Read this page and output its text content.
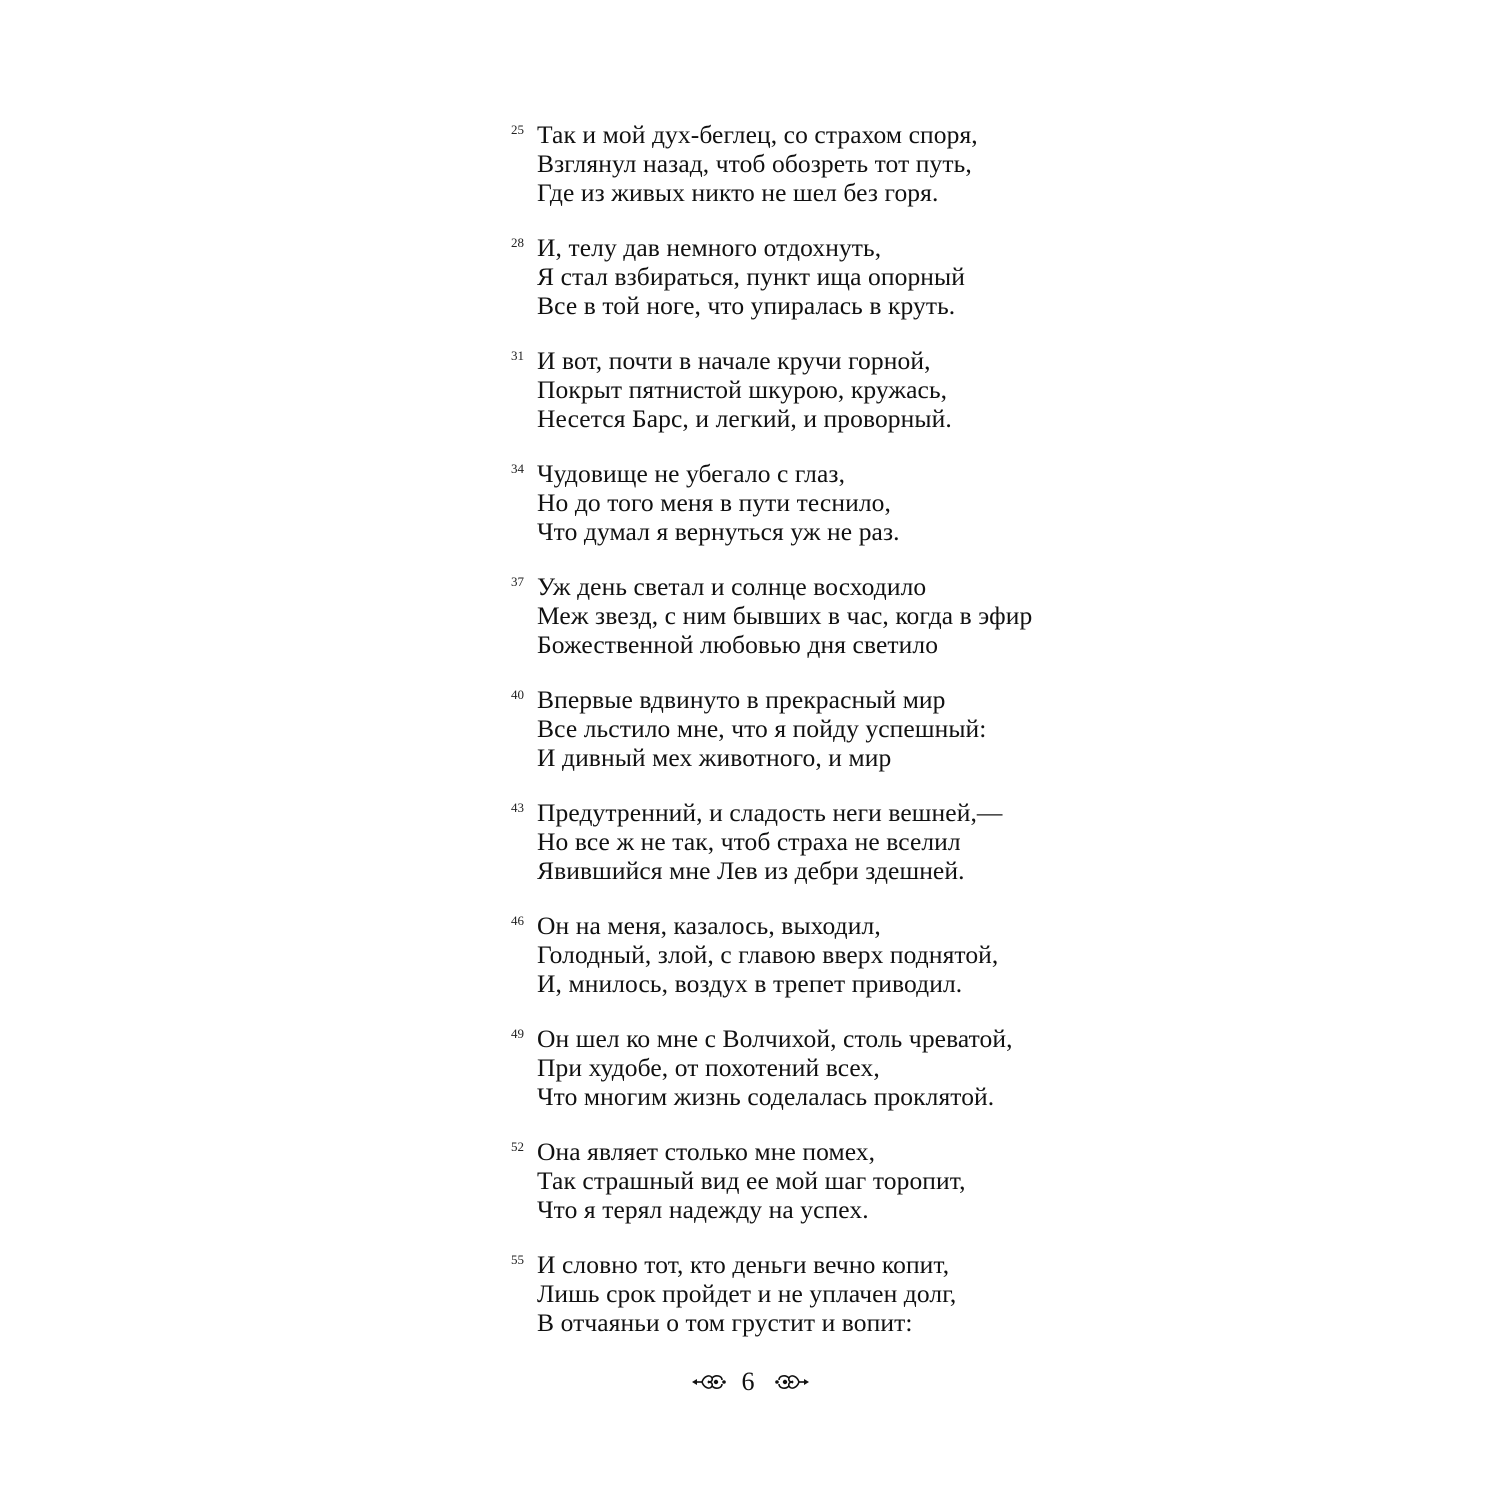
25 Так и мой дух-беглец, со страхом споря,
Взглянул назад, чтоб обозреть тот путь,
Где из живых никто не шел без горя.
28 И, телу дав немного отдохнуть,
Я стал взбираться, пункт ища опорный
Все в той ноге, что упиралась в круть.
31 И вот, почти в начале кручи горной,
Покрыт пятнистой шкурою, кружась,
Несется Барс, и легкий, и проворный.
34 Чудовище не убегало с глаз,
Но до того меня в пути теснило,
Что думал я вернуться уж не раз.
37 Уж день светал и солнце восходило
Меж звезд, с ним бывших в час, когда в эфир
Божественной любовью дня светило
40 Впервые вдвинуто в прекрасный мир
Все льстило мне, что я пойду успешный:
И дивный мех животного, и мир
43 Предутренний, и сладость неги вешней,—
Но все ж не так, чтоб страха не вселил
Явившийся мне Лев из дебри здешней.
46 Он на меня, казалось, выходил,
Голодный, злой, с главою вверх поднятой,
И, мнилось, воздух в трепет приводил.
49 Он шел ко мне с Волчихой, столь чреватой,
При худобе, от похотений всех,
Что многим жизнь соделалась проклятой.
52 Она являет столько мне помех,
Так страшный вид ее мой шаг торопит,
Что я терял надежду на успех.
55 И словно тот, кто деньги вечно копит,
Лишь срок пройдет и не уплачен долг,
В отчаяньи о том грустит и вопит:
6
